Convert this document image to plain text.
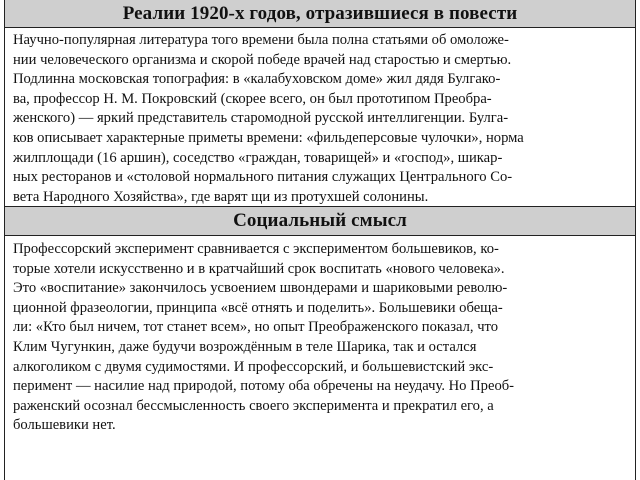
Реалии 1920-х годов, отразившиеся в повести
Научно-популярная литература того времени была полна статьями об омоложе-
нии человеческого организма и скорой победе врачей над старостью и смертью.
Подлинна московская топография: в «калабуховском доме» жил дядя Булгако-
ва, профессор Н. М. Покровский (скорее всего, он был прототипом Преобра-
женского) — яркий представитель старомодной русской интеллигенции. Булга-
ков описывает характерные приметы времени: «фильдеперсовые чулочки», норма
жилплощади (16 аршин), соседство «граждан, товарищей» и «господ», шикар-
ных ресторанов и «столовой нормального питания служащих Центрального Со-
вета Народного Хозяйства», где варят щи из протухшей солонины.
Социальный смысл
Профессорский эксперимент сравнивается с экспериментом большевиков, ко-
торые хотели искусственно и в кратчайший срок воспитать «нового человека».
Это «воспитание» закончилось усвоением швондерами и шариковыми револю-
ционной фразеологии, принципа «всё отнять и поделить». Большевики обеща-
ли: «Кто был ничем, тот станет всем», но опыт Преображенского показал, что
Клим Чугункин, даже будучи возрождённым в теле Шарика, так и остался
алкоголиком с двумя судимостями. И профессорский, и большевистский экс-
перимент — насилие над природой, потому оба обречены на неудачу. Но Преоб-
раженский осознал бессмысленность своего эксперимента и прекратил его, а
большевики нет.
